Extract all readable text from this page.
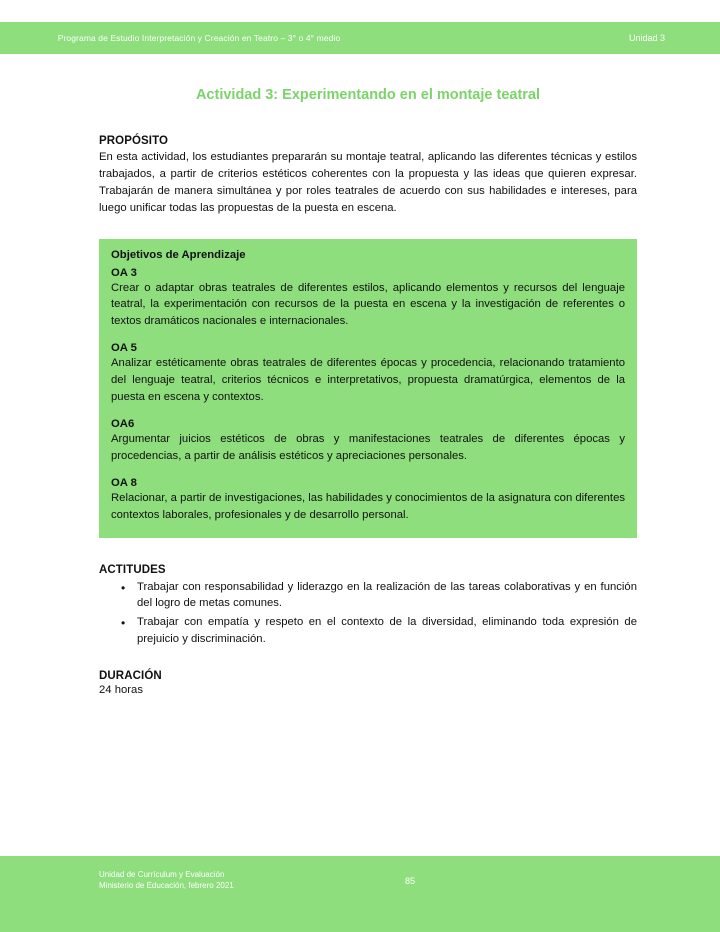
Programa de Estudio Interpretación y Creación en Teatro – 3° o 4° medio	Unidad 3
Actividad 3: Experimentando en el montaje teatral

PROPÓSITO

En esta actividad, los estudiantes prepararán su montaje teatral, aplicando las diferentes técnicas y estilos trabajados, a partir de criterios estéticos coherentes con la propuesta y las ideas que quieren expresar. Trabajarán de manera simultánea y por roles teatrales de acuerdo con sus habilidades e intereses, para luego unificar todas las propuestas de la puesta en escena.

Objetivos de Aprendizaje

OA 3

Crear o adaptar obras teatrales de diferentes estilos, aplicando elementos y recursos del lenguaje teatral, la experimentación con recursos de la puesta en escena y la investigación de referentes o textos dramáticos nacionales e internacionales.

OA 5

Analizar estéticamente obras teatrales de diferentes épocas y procedencia, relacionando tratamiento del lenguaje teatral, criterios técnicos e interpretativos, propuesta dramatúrgica, elementos de la puesta en escena y contextos.

OA6

Argumentar juicios estéticos de obras y manifestaciones teatrales de diferentes épocas y procedencias, a partir de análisis estéticos y apreciaciones personales.

OA 8

Relacionar, a partir de investigaciones, las habilidades y conocimientos de la asignatura con diferentes contextos laborales, profesionales y de desarrollo personal.

ACTITUDES

• Trabajar con responsabilidad y liderazgo en la realización de las tareas colaborativas y en función del logro de metas comunes.
• Trabajar con empatía y respeto en el contexto de la diversidad, eliminando toda expresión de prejuicio y discriminación.

DURACIÓN

24 horas

Unidad de Currículum y Evaluación
Ministerio de Educación, febrero 2021	85
